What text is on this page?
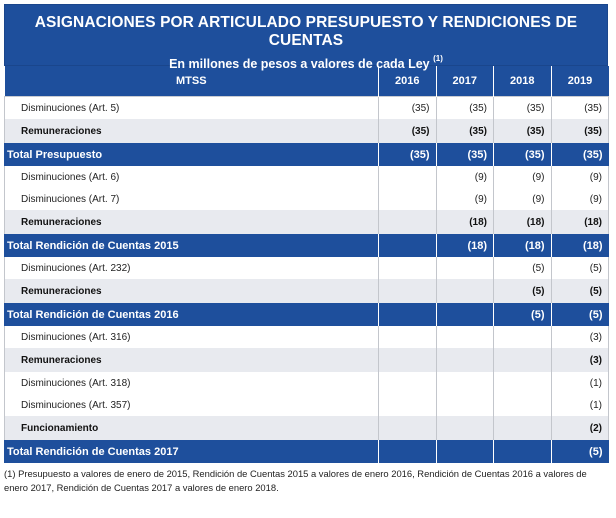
ASIGNACIONES POR ARTICULADO PRESUPUESTO Y RENDICIONES DE CUENTAS
En millones de pesos a valores de cada Ley $^{(1)}$
MTSS	2016	2017	2018	2019
Disminuciones (Art. 5)	(35)	(35)	(35)	(35)
Remuneraciones	(35)	(35)	(35)	(35)
Total Presupuesto	(35)	(35)	(35)	(35)
Disminuciones (Art. 6)		(9)	(9)	(9)
Disminuciones (Art. 7)		(9)	(9)	(9)
Remuneraciones		(18)	(18)	(18)
Total Rendición de Cuentas 2015		(18)	(18)	(18)
Disminuciones (Art. 232)			(5)	(5)
Remuneraciones			(5)	(5)
Total Rendición de Cuentas 2016			(5)	(5)
Disminuciones (Art. 316)				(3)
Remuneraciones				(3)
Disminuciones (Art. 318)				(1)
Disminuciones (Art. 357)				(1)
Funcionamiento				(2)
Total Rendición de Cuentas 2017				(5)
(1) Presupuesto a valores de enero de 2015, Rendición de Cuentas 2015 a valores de enero 2016, Rendición de Cuentas 2016 a valores de enero 2017, Rendición de Cuentas 2017 a valores de enero 2018.
